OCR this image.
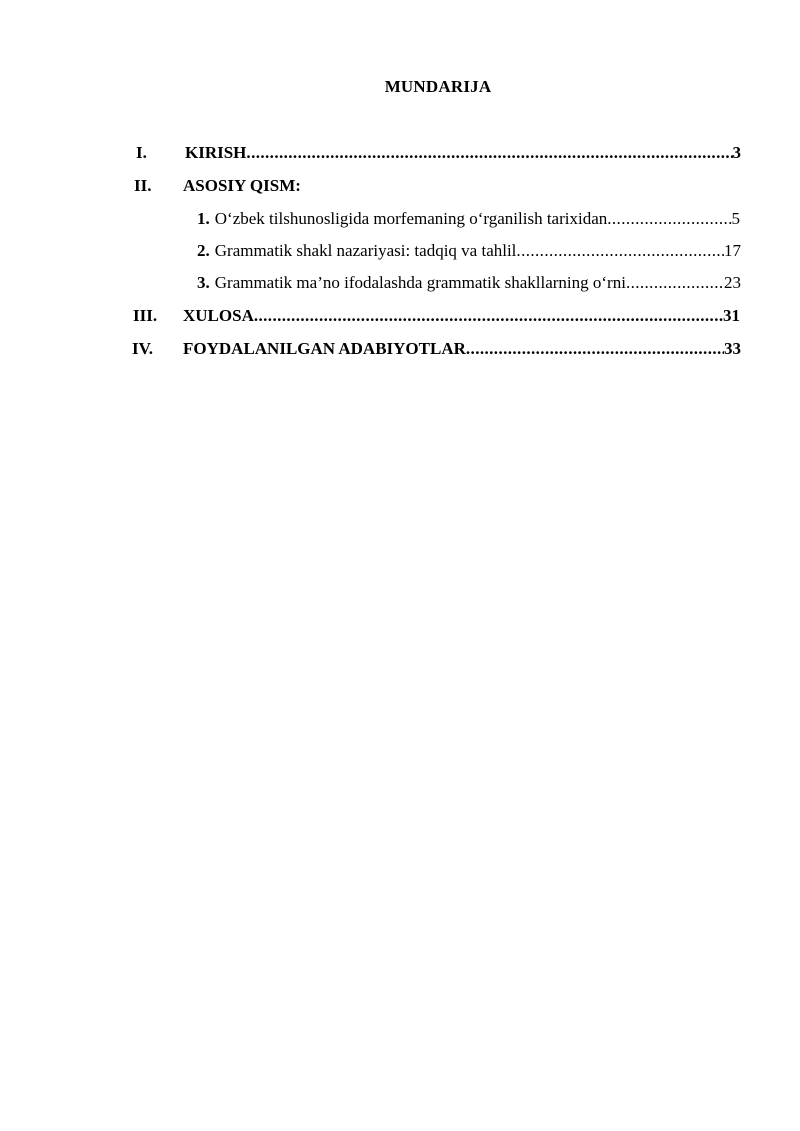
MUNDARIJA
I. KIRISH .....	3
II. ASOSIY QISM:
1. O‘zbek tilshunosligida morfemaning o‘rganilish tarixidan .....	5
2. Grammatik shakl nazariyasi: tadqiq va tahlil .....	17
3. Grammatik ma’no ifodalashda grammatik shakllarning o‘rni .....	23
III. XULOSA .....	31
IV. FOYDALANILGAN ADABIYOTLAR .....	33
